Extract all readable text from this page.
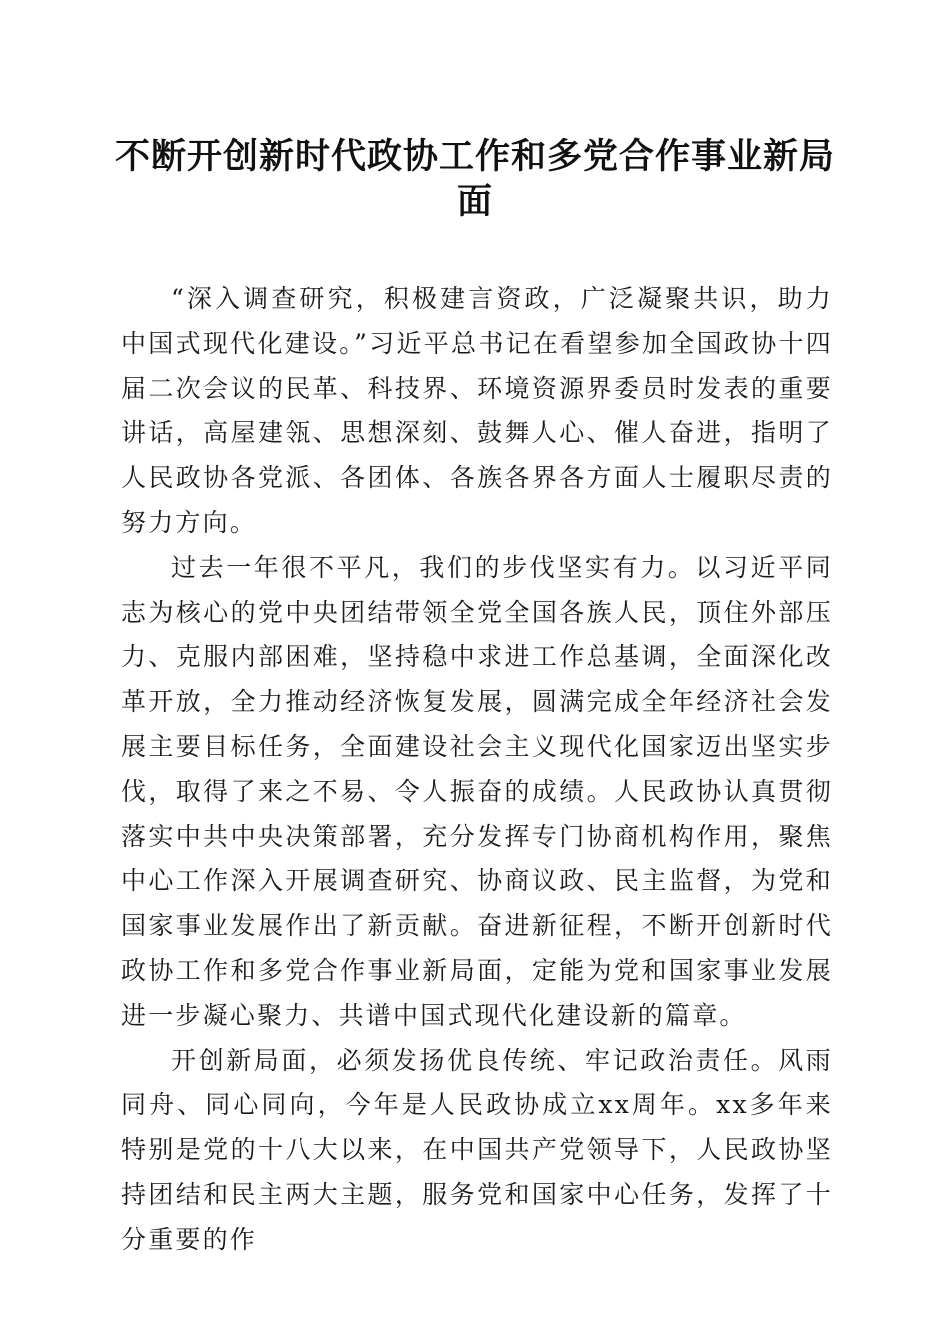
不断开创新时代政协工作和多党合作事业新局面

“深入调查研究，积极建言资政，广泛凝聚共识，助力中国式现代化建设。”习近平总书记在看望参加全国政协十四届二次会议的民革、科技界、环境资源界委员时发表的重要讲话，高屋建瓴、思想深刻、鼓舞人心、催人奋进，指明了人民政协各党派、各团体、各族各界各方面人士履职尽责的努力方向。

过去一年很不平凡，我们的步伐坚实有力。以习近平同志为核心的党中央团结带领全党全国各族人民，顶住外部压力、克服内部困难，坚持稳中求进工作总基调，全面深化改革开放，全力推动经济恢复发展，圆满完成全年经济社会发展主要目标任务，全面建设社会主义现代化国家迈出坚实步伐，取得了来之不易、令人振奋的成绩。人民政协认真贯彻落实中共中央决策部署，充分发挥专门协商机构作用，聚焦中心工作深入开展调查研究、协商议政、民主监督，为党和国家事业发展作出了新贡献。奋进新征程，不断开创新时代政协工作和多党合作事业新局面，定能为党和国家事业发展进一步凝心聚力、共谱中国式现代化建设新的篇章。

开创新局面，必须发扬优良传统、牢记政治责任。风雨同舟、同心同向，今年是人民政协成立xx周年。xx多年来特别是党的十八大以来，在中国共产党领导下，人民政协坚持团结和民主两大主题，服务党和国家中心任务，发挥了十分重要的作
